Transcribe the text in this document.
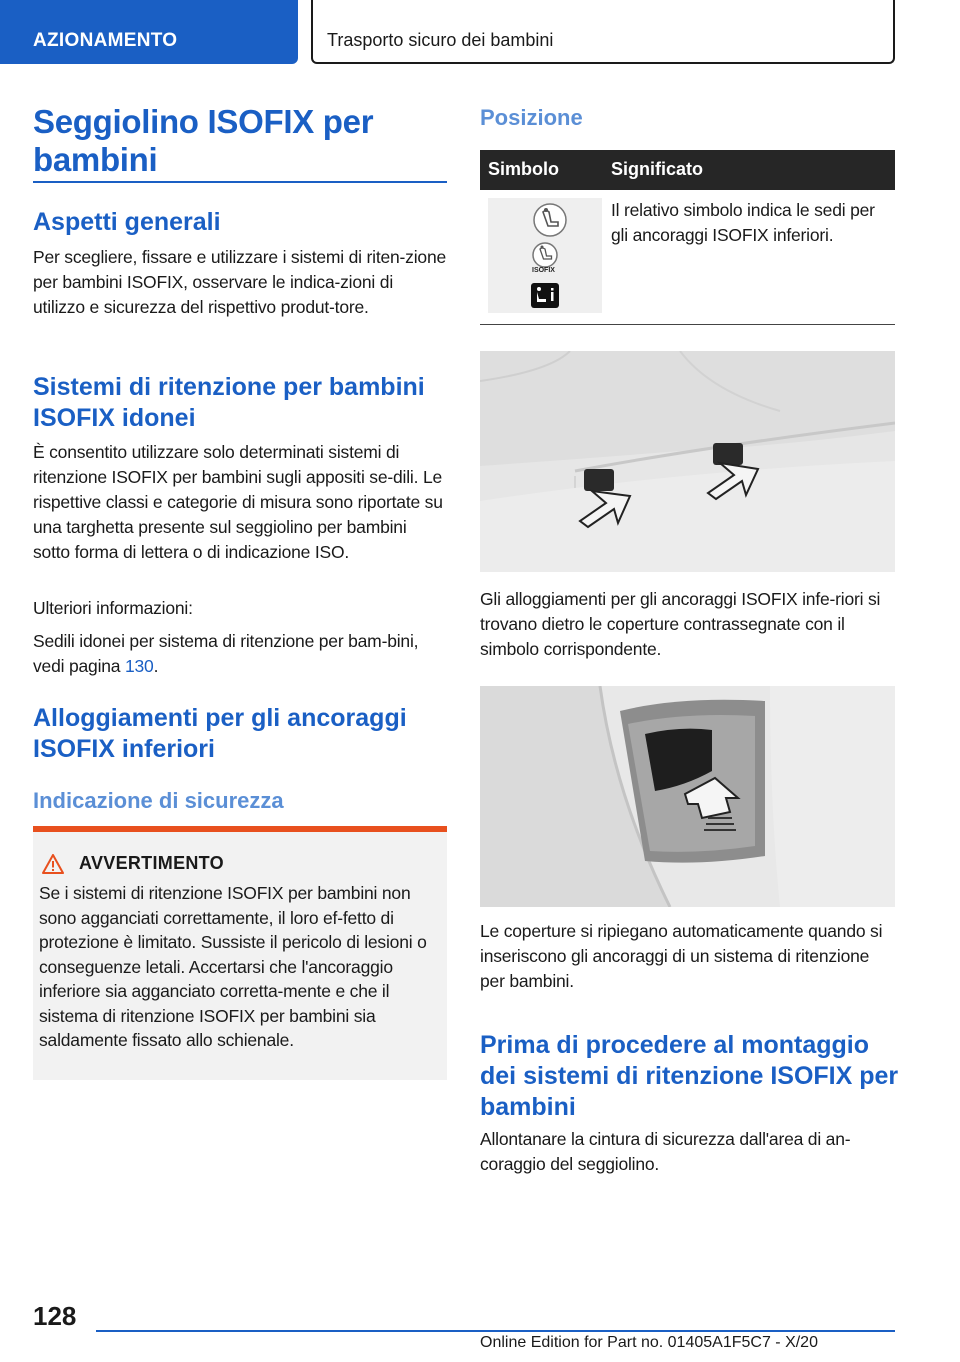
AZIONAMENTO	Trasporto sicuro dei bambini
Seggiolino ISOFIX per bambini
Aspetti generali
Per scegliere, fissare e utilizzare i sistemi di riten-zione per bambini ISOFIX, osservare le indica-zioni di utilizzo e sicurezza del rispettivo produt-tore.
Sistemi di ritenzione per bambini ISOFIX idonei
È consentito utilizzare solo determinati sistemi di ritenzione ISOFIX per bambini sugli appositi se-dili. Le rispettive classi e categorie di misura sono riportate su una targhetta presente sul seggiolino per bambini sotto forma di lettera o di indicazione ISO.
Ulteriori informazioni:
Sedili idonei per sistema di ritenzione per bam-bini, vedi pagina 130.
Alloggiamenti per gli ancoraggi ISOFIX inferiori
Indicazione di sicurezza
AVVERTIMENTO
Se i sistemi di ritenzione ISOFIX per bambini non sono agganciati correttamente, il loro ef-fetto di protezione è limitato. Sussiste il pericolo di lesioni o conseguenze letali. Accertarsi che l'ancoraggio inferiore sia agganciato corretta-mente e che il sistema di ritenzione ISOFIX per bambini sia saldamente fissato allo schienale.
Posizione
Simbolo	Significato
ISOFIX
Il relativo simbolo indica le sedi per gli ancoraggi ISOFIX inferiori.
Gli alloggiamenti per gli ancoraggi ISOFIX infe-riori si trovano dietro le coperture contrassegnate con il simbolo corrispondente.
Le coperture si ripiegano automaticamente quando si inseriscono gli ancoraggi di un sistema di ritenzione per bambini.
Prima di procedere al montaggio dei sistemi di ritenzione ISOFIX per bambini
Allontanare la cintura di sicurezza dall'area di an-coraggio del seggiolino.
128
Online Edition for Part no. 01405A1F5C7 - X/20
